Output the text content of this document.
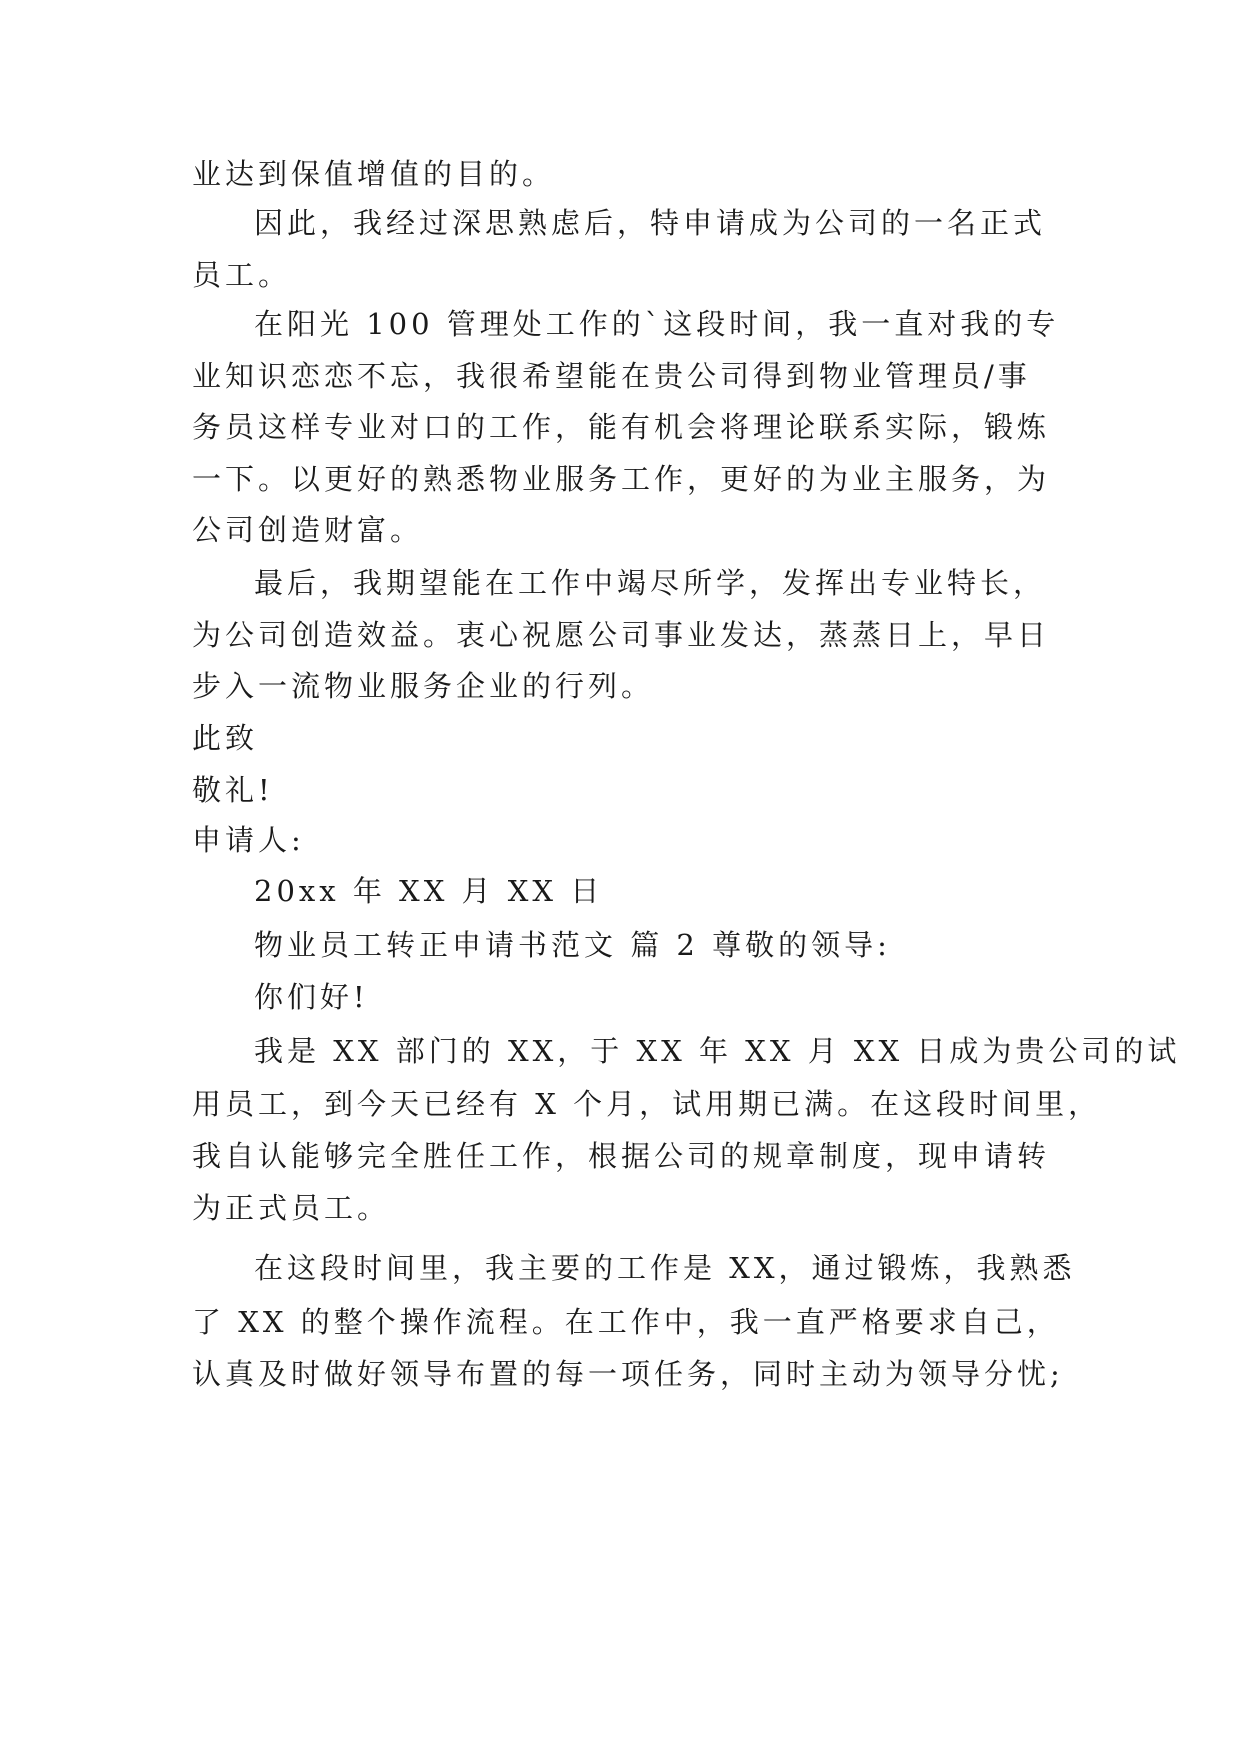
业达到保值增值的目的。
因此，我经过深思熟虑后，特申请成为公司的一名正式
员工。
在阳光 100 管理处工作的`这段时间，我一直对我的专
业知识恋恋不忘，我很希望能在贵公司得到物业管理员/事
务员这样专业对口的工作，能有机会将理论联系实际，锻炼
一下。以更好的熟悉物业服务工作，更好的为业主服务，为
公司创造财富。
最后，我期望能在工作中竭尽所学，发挥出专业特长，
为公司创造效益。衷心祝愿公司事业发达，蒸蒸日上，早日
步入一流物业服务企业的行列。
此致
敬礼!
申请人:
20xx 年 XX 月 XX 日
物业员工转正申请书范文 篇 2 尊敬的领导:
你们好!
我是 XX 部门的 XX，于 XX 年 XX 月 XX 日成为贵公司的试
用员工，到今天已经有 X 个月，试用期已满。在这段时间里，
我自认能够完全胜任工作，根据公司的规章制度，现申请转
为正式员工。
在这段时间里，我主要的工作是 XX，通过锻炼，我熟悉
了 XX 的整个操作流程。在工作中，我一直严格要求自己，
认真及时做好领导布置的每一项任务，同时主动为领导分忧;
